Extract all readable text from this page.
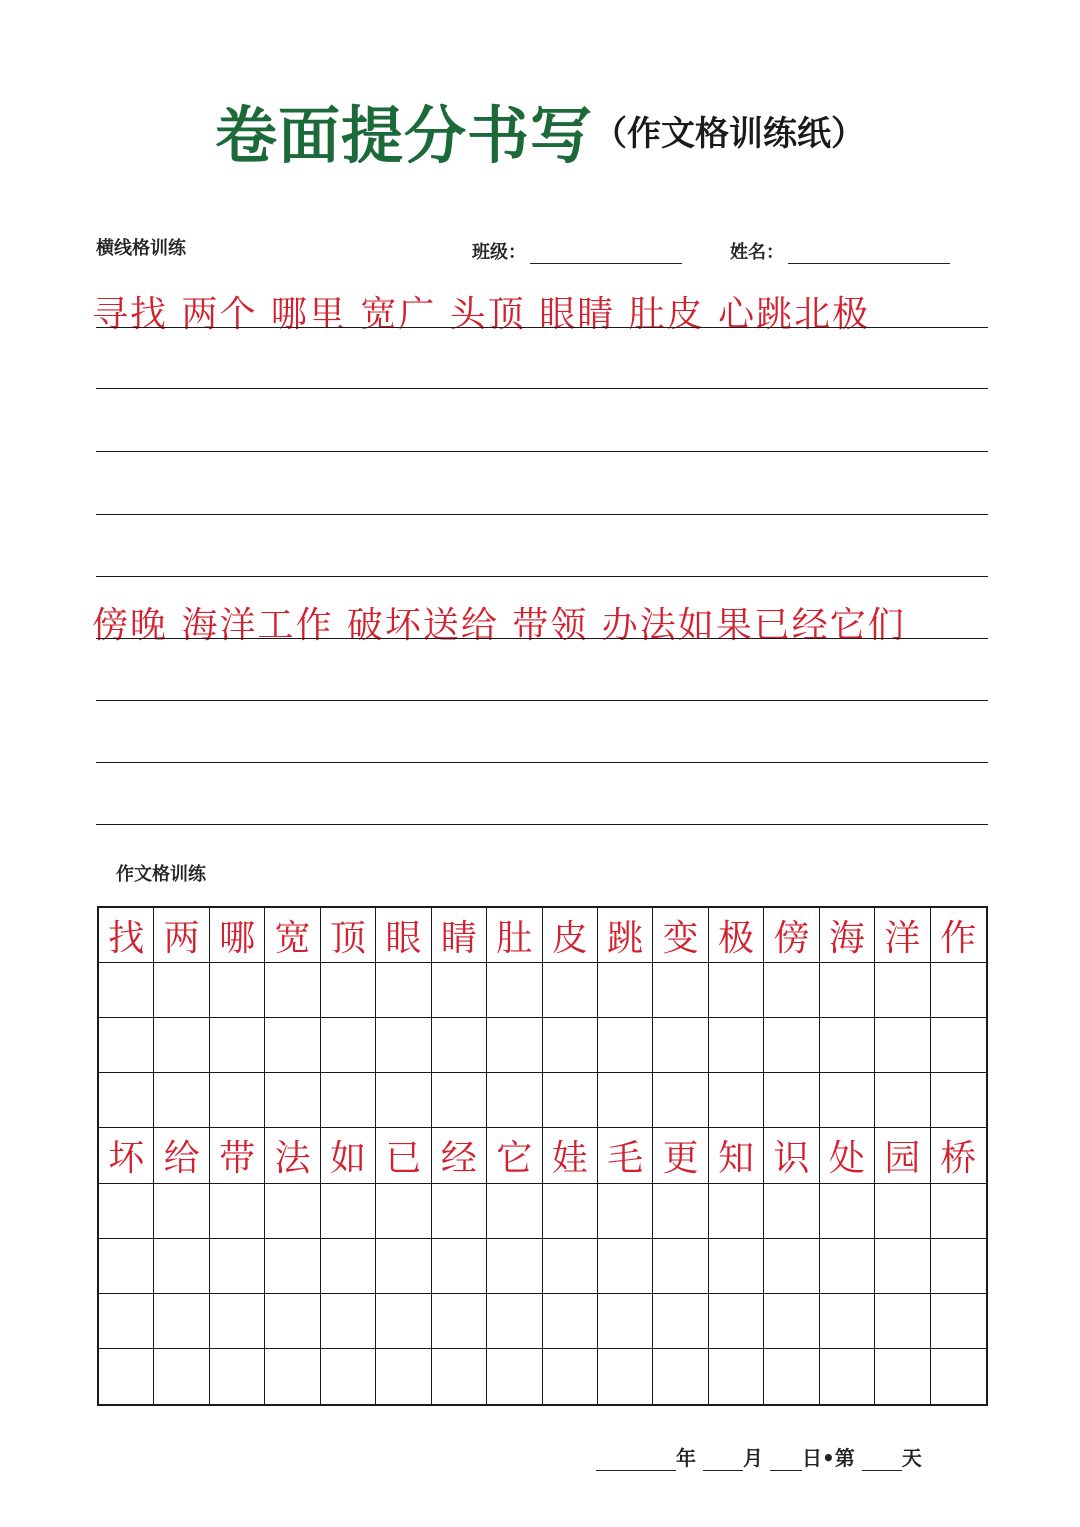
卷面提分书写（作文格训练纸）
横线格训练	班级：	姓名：
寻找 两个 哪里 宽广 头顶 眼睛 肚皮 心跳北极
傍晚 海洋工作 破坏送给 带领 办法如果已经它们
作文格训练
找 两 哪 宽 顶 眼 睛 肚 皮 跳 变 极 傍 海 洋 作
坏 给 带 法 如 已 经 它 娃 毛 更 知 识 处 园 桥
年 月 日•第 天
